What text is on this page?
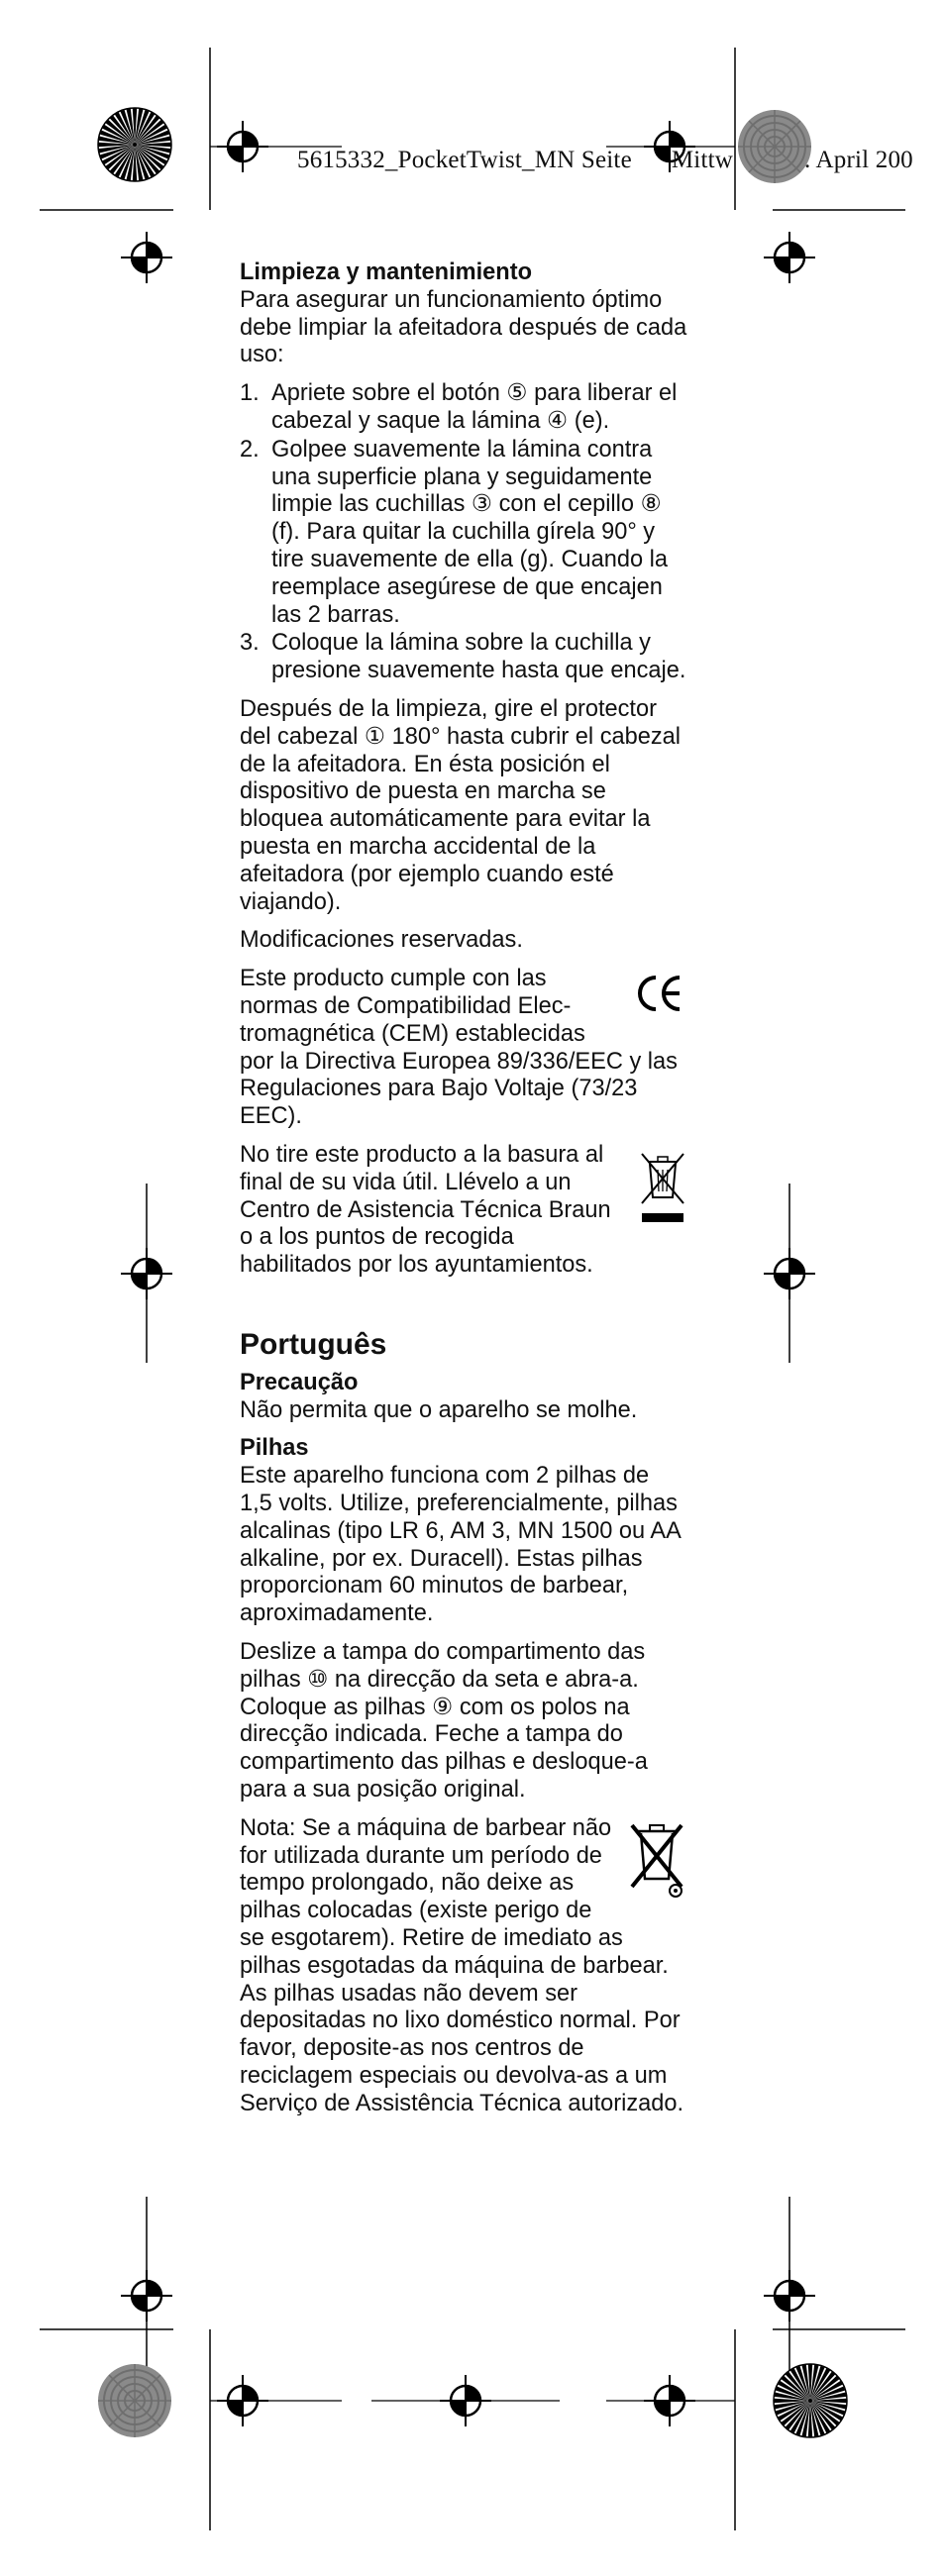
5615332_PocketTwist_MN Seite Mittw	. April 200
Limpieza y mantenimiento

Para asegurar un funcionamiento óptimo debe limpiar la afeitadora después de cada uso:

1. Apriete sobre el botón ⑤ para liberar el cabezal y saque la lámina ④ (e).
2. Golpee suavemente la lámina contra una superficie plana y seguidamente limpie las cuchillas ③ con el cepillo ⑧ (f). Para quitar la cuchilla gírela 90° y tire suavemente de ella (g). Cuando la reemplace asegúrese de que encajen las 2 barras.
3. Coloque la lámina sobre la cuchilla y presione suavemente hasta que encaje.

Después de la limpieza, gire el protector del cabezal ① 180° hasta cubrir el cabezal de la afeitadora. En ésta posición el dispositivo de puesta en marcha se bloquea automáticamente para evitar la puesta en marcha accidental de la afeitadora (por ejemplo cuando esté viajando).

Modificaciones reservadas.

Este producto cumple con las normas de Compatibilidad Electromagnética (CEM) establecidas por la Directiva Europea 89/336/EEC y las Regulaciones para Bajo Voltaje (73/23 EEC).

No tire este producto a la basura al final de su vida útil. Llévelo a un Centro de Asistencia Técnica Braun o a los puntos de recogida habilitados por los ayuntamientos.

Português
Precaução

Não permita que o aparelho se molhe.

Pilhas

Este aparelho funciona com 2 pilhas de 1,5 volts. Utilize, preferencialmente, pilhas alcalinas (tipo LR 6, AM 3, MN 1500 ou AA alkaline, por ex. Duracell). Estas pilhas proporcionam 60 minutos de barbear, aproximadamente.

Deslize a tampa do compartimento das pilhas ⑩ na direcção da seta e abra-a. Coloque as pilhas ⑨ com os polos na direcção indicada. Feche a tampa do compartimento das pilhas e desloque-a para a sua posição original.

Nota: Se a máquina de barbear não for utilizada durante um período de tempo prolongado, não deixe as pilhas colocadas (existe perigo de se esgotarem). Retire de imediato as pilhas esgotadas da máquina de barbear. As pilhas usadas não devem ser depositadas no lixo doméstico normal. Por favor, deposite-as nos centros de reciclagem especiais ou devolva-as a um Serviço de Assistência Técnica autorizado.
